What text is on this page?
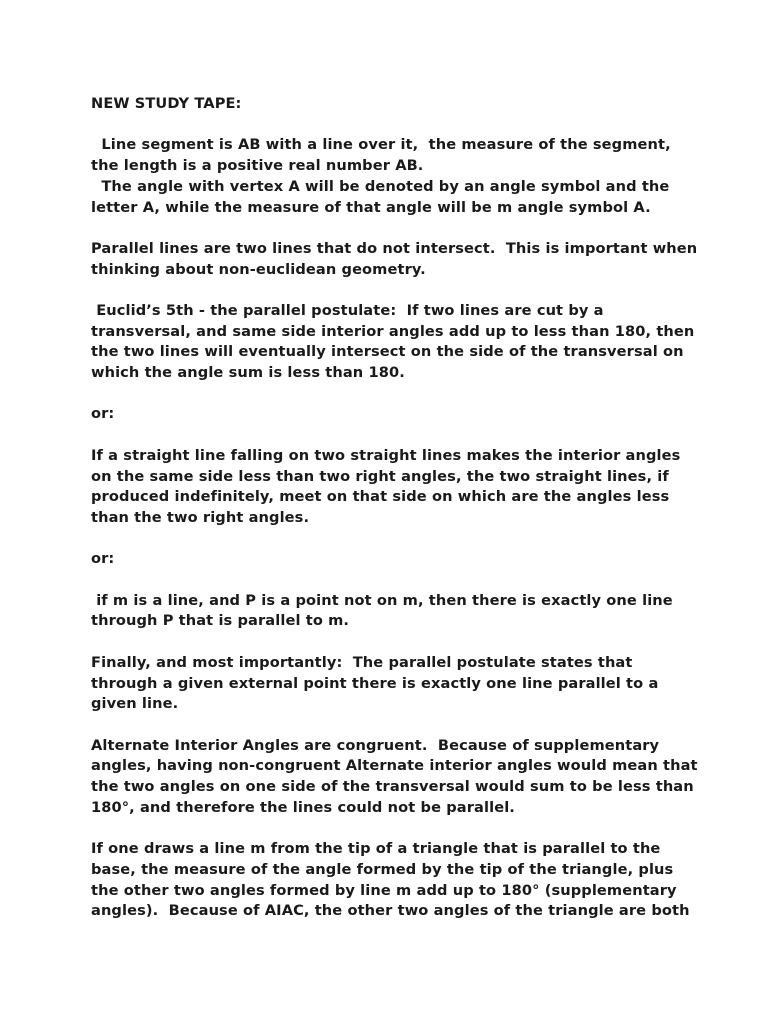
NEW STUDY TAPE:
Line segment is AB with a line over it,  the measure of the segment, the length is a positive real number AB.
The angle with vertex A will be denoted by an angle symbol and the letter A, while the measure of that angle will be m angle symbol A.
Parallel lines are two lines that do not intersect.  This is important when thinking about non-euclidean geometry.
Euclid’s 5th - the parallel postulate:  If two lines are cut by a transversal, and same side interior angles add up to less than 180, then the two lines will eventually intersect on the side of the transversal on which the angle sum is less than 180.
or:
If a straight line falling on two straight lines makes the interior angles on the same side less than two right angles, the two straight lines, if produced indefinitely, meet on that side on which are the angles less than the two right angles.
or:
if m is a line, and P is a point not on m, then there is exactly one line through P that is parallel to m.
Finally, and most importantly:  The parallel postulate states that through a given external point there is exactly one line parallel to a given line.
Alternate Interior Angles are congruent.  Because of supplementary angles, having non-congruent Alternate interior angles would mean that the two angles on one side of the transversal would sum to be less than 180°, and therefore the lines could not be parallel.
If one draws a line m from the tip of a triangle that is parallel to the base, the measure of the angle formed by the tip of the triangle, plus the other two angles formed by line m add up to 180° (supplementary angles).  Because of AIAC, the other two angles of the triangle are both
